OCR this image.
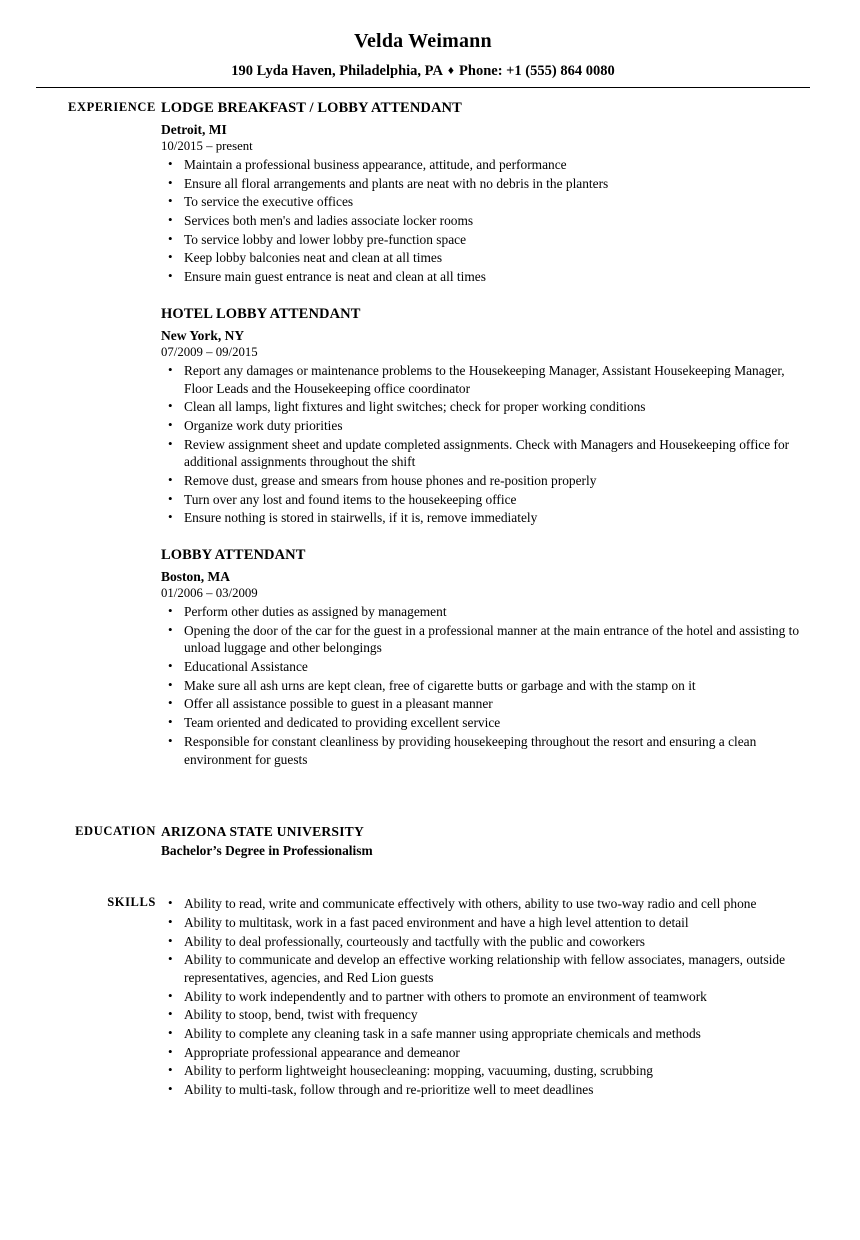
Velda Weimann
190 Lyda Haven, Philadelphia, PA ♦ Phone: +1 (555) 864 0080
EXPERIENCE LODGE BREAKFAST / LOBBY ATTENDANT
Detroit, MI
10/2015 – present
• Maintain a professional business appearance, attitude, and performance
• Ensure all floral arrangements and plants are neat with no debris in the planters
• To service the executive offices
• Services both men's and ladies associate locker rooms
• To service lobby and lower lobby pre-function space
• Keep lobby balconies neat and clean at all times
• Ensure main guest entrance is neat and clean at all times
HOTEL LOBBY ATTENDANT
New York, NY
07/2009 – 09/2015
• Report any damages or maintenance problems to the Housekeeping Manager, Assistant Housekeeping Manager, Floor Leads and the Housekeeping office coordinator
• Clean all lamps, light fixtures and light switches; check for proper working conditions
• Organize work duty priorities
• Review assignment sheet and update completed assignments. Check with Managers and Housekeeping office for additional assignments throughout the shift
• Remove dust, grease and smears from house phones and re-position properly
• Turn over any lost and found items to the housekeeping office
• Ensure nothing is stored in stairwells, if it is, remove immediately
LOBBY ATTENDANT
Boston, MA
01/2006 – 03/2009
• Perform other duties as assigned by management
• Opening the door of the car for the guest in a professional manner at the main entrance of the hotel and assisting to unload luggage and other belongings
• Educational Assistance
• Make sure all ash urns are kept clean, free of cigarette butts or garbage and with the stamp on it
• Offer all assistance possible to guest in a pleasant manner
• Team oriented and dedicated to providing excellent service
• Responsible for constant cleanliness by providing housekeeping throughout the resort and ensuring a clean environment for guests
EDUCATION ARIZONA STATE UNIVERSITY
Bachelor’s Degree in Professionalism
SKILLS	• Ability to read, write and communicate effectively with others, ability to use two-way radio and cell phone
• Ability to multitask, work in a fast paced environment and have a high level attention to detail
• Ability to deal professionally, courteously and tactfully with the public and coworkers
• Ability to communicate and develop an effective working relationship with fellow associates, managers, outside representatives, agencies, and Red Lion guests
• Ability to work independently and to partner with others to promote an environment of teamwork
• Ability to stoop, bend, twist with frequency
• Ability to complete any cleaning task in a safe manner using appropriate chemicals and methods
• Appropriate professional appearance and demeanor
• Ability to perform lightweight housecleaning: mopping, vacuuming, dusting, scrubbing
• Ability to multi-task, follow through and re-prioritize well to meet deadlines
